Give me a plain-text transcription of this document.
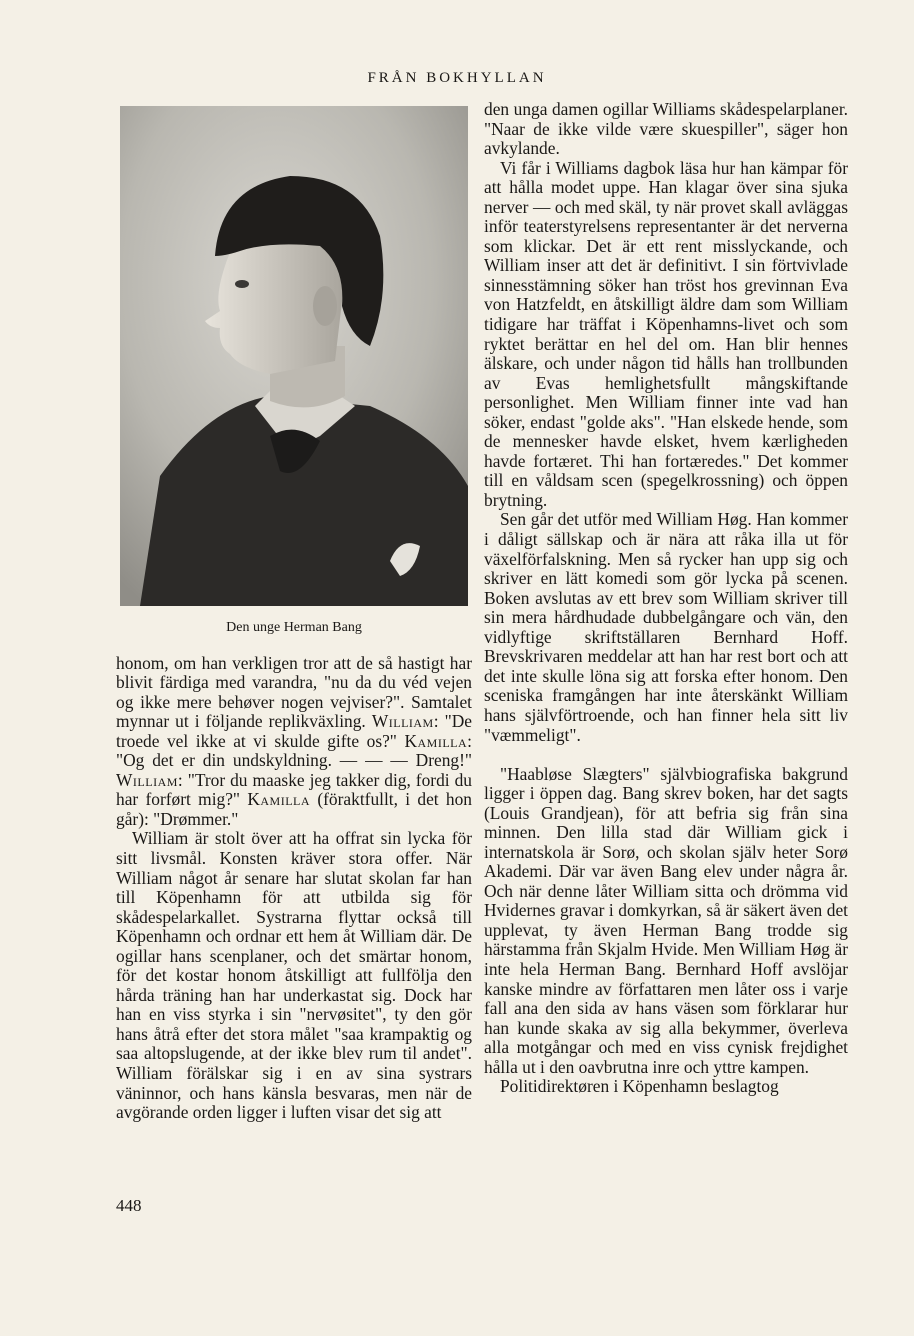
FRÅN BOKHYLLAN
Den unge Herman Bang

honom, om han verkligen tror att de så hastigt har blivit färdiga med varandra, "nu da du véd vejen og ikke mere behøver nogen vejviser?". Samtalet mynnar ut i följande replikväxling. William: "De troede vel ikke at vi skulde gifte os?" Kamilla: "Og det er din undskyldning. — — — Dreng!" William: "Tror du maaske jeg takker dig, fordi du har forført mig?" Kamilla (föraktfullt, i det hon går): "Drømmer."

William är stolt över att ha offrat sin lycka för sitt livsmål. Konsten kräver stora offer. När William något år senare har slutat skolan far han till Köpenhamn för att utbilda sig för skådespelarkallet. Systrarna flyttar också till Köpenhamn och ordnar ett hem åt William där. De ogillar hans scenplaner, och det smärtar honom, för det kostar honom åtskilligt att fullfölja den hårda träning han har underkastat sig. Dock har han en viss styrka i sin "nervøsitet", ty den gör hans åtrå efter det stora målet "saa krampaktig og saa altopslugende, at der ikke blev rum til andet". William förälskar sig i en av sina systrars väninnor, och hans känsla besvaras, men när de avgörande orden ligger i luften visar det sig att

den unga damen ogillar Williams skådespelarplaner. "Naar de ikke vilde være skuespiller", säger hon avkylande.

Vi får i Williams dagbok läsa hur han kämpar för att hålla modet uppe. Han klagar över sina sjuka nerver — och med skäl, ty när provet skall avläggas inför teaterstyrelsens representanter är det nerverna som klickar. Det är ett rent misslyckande, och William inser att det är definitivt. I sin förtvivlade sinnesstämning söker han tröst hos grevinnan Eva von Hatzfeldt, en åtskilligt äldre dam som William tidigare har träffat i Köpenhamns-livet och som ryktet berättar en hel del om. Han blir hennes älskare, och under någon tid hålls han trollbunden av Evas hemlighetsfullt mångskiftande personlighet. Men William finner inte vad han söker, endast "golde aks". "Han elskede hende, som de mennesker havde elsket, hvem kærligheden havde fortæret. Thi han fortæredes." Det kommer till en våldsam scen (spegelkrossning) och öppen brytning.

Sen går det utför med William Høg. Han kommer i dåligt sällskap och är nära att råka illa ut för växelförfalskning. Men så rycker han upp sig och skriver en lätt komedi som gör lycka på scenen. Boken avslutas av ett brev som William skriver till sin mera hårdhudade dubbelgångare och vän, den vidlyftige skriftställaren Bernhard Hoff. Brevskrivaren meddelar att han har rest bort och att det inte skulle löna sig att forska efter honom. Den sceniska framgången har inte återskänkt William hans självförtroende, och han finner hela sitt liv "væmmeligt".

"Haabløse Slægters" självbiografiska bakgrund ligger i öppen dag. Bang skrev boken, har det sagts (Louis Grandjean), för att befria sig från sina minnen. Den lilla stad där William gick i internatskola är Sorø, och skolan själv heter Sorø Akademi. Där var även Bang elev under några år. Och när denne låter William sitta och drömma vid Hvidernes gravar i domkyrkan, så är säkert även det upplevat, ty även Herman Bang trodde sig härstamma från Skjalm Hvide. Men William Høg är inte hela Herman Bang. Bernhard Hoff avslöjar kanske mindre av författaren men låter oss i varje fall ana den sida av hans väsen som förklarar hur han kunde skaka av sig alla bekymmer, överleva alla motgångar och med en viss cynisk frejdighet hålla ut i den oavbrutna inre och yttre kampen.

Politidirektøren i Köpenhamn beslagtog

448
